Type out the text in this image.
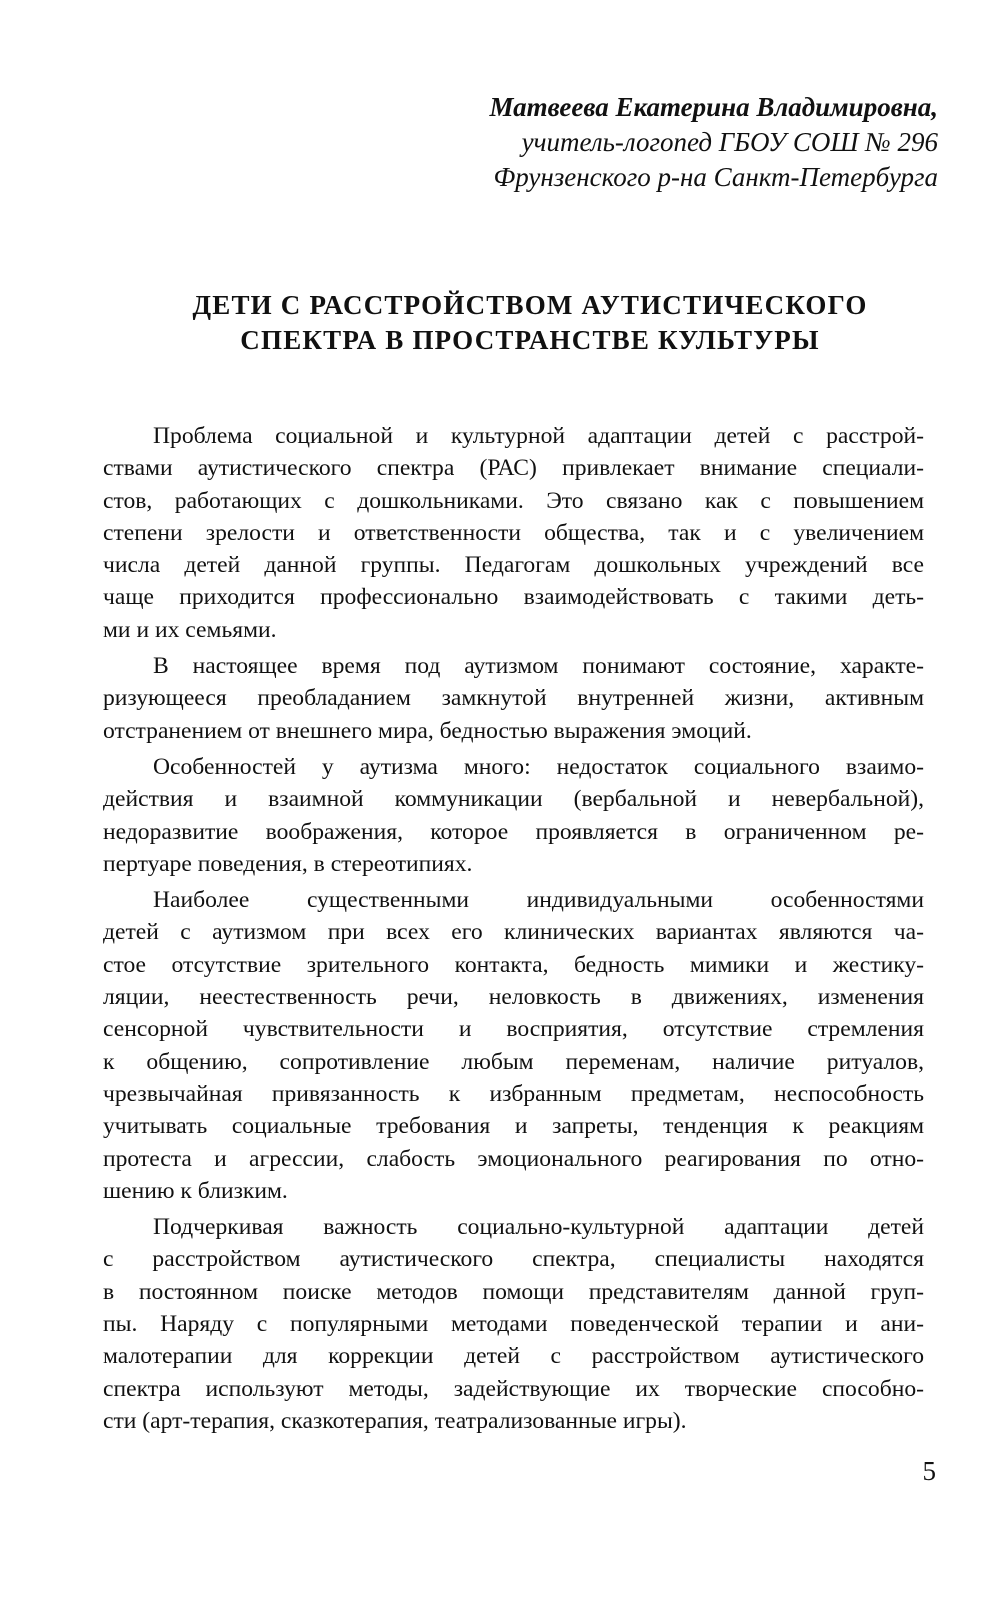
Матвеева Екатерина Владимировна,
учитель-логопед ГБОУ СОШ № 296
Фрунзенского р-на Санкт-Петербурга
ДЕТИ С РАССТРОЙСТВОМ АУТИСТИЧЕСКОГО
СПЕКТРА В ПРОСТРАНСТВЕ КУЛЬТУРЫ
Проблема социальной и культурной адаптации детей с расстрой-
ствами аутистического спектра (РАС) привлекает внимание специали-
стов, работающих с дошкольниками. Это связано как с повышением
степени зрелости и ответственности общества, так и с увеличением
числа детей данной группы. Педагогам дошкольных учреждений все
чаще приходится профессионально взаимодействовать с такими деть-
ми и их семьями.
В настоящее время под аутизмом понимают состояние, характе-
ризующееся преобладанием замкнутой внутренней жизни, активным
отстранением от внешнего мира, бедностью выражения эмоций.
Особенностей у аутизма много: недостаток социального взаимо-
действия и взаимной коммуникации (вербальной и невербальной),
недоразвитие воображения, которое проявляется в ограниченном ре-
пертуаре поведения, в стереотипиях.
Наиболее существенными индивидуальными особенностями
детей с аутизмом при всех его клинических вариантах являются ча-
стое отсутствие зрительного контакта, бедность мимики и жестику-
ляции, неестественность речи, неловкость в движениях, изменения
сенсорной чувствительности и восприятия, отсутствие стремления
к общению, сопротивление любым переменам, наличие ритуалов,
чрезвычайная привязанность к избранным предметам, неспособность
учитывать социальные требования и запреты, тенденция к реакциям
протеста и агрессии, слабость эмоционального реагирования по отно-
шению к близким.
Подчеркивая важность социально-культурной адаптации детей
с расстройством аутистического спектра, специалисты находятся
в постоянном поиске методов помощи представителям данной груп-
пы. Наряду с популярными методами поведенческой терапии и ани-
малотерапии для коррекции детей с расстройством аутистического
спектра используют методы, задействующие их творческие способно-
сти (арт-терапия, сказкотерапия, театрализованные игры).
5
